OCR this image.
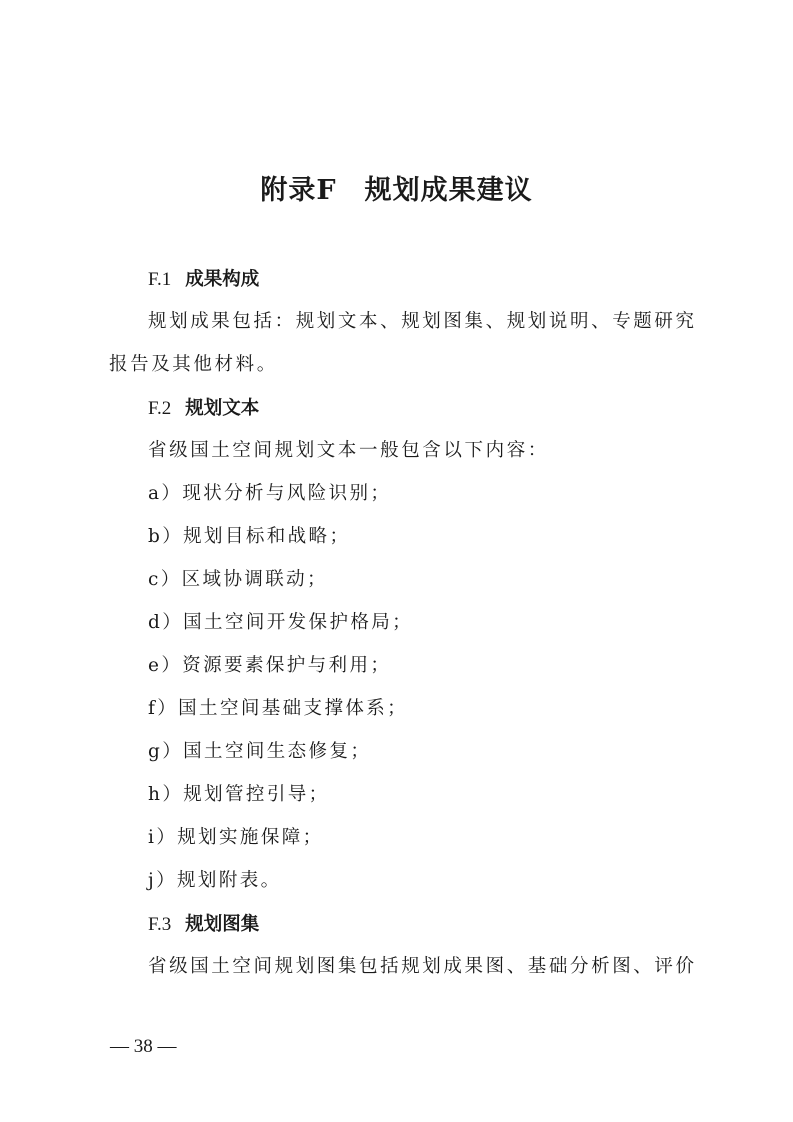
附录F　规划成果建议
F.1 成果构成
规划成果包括：规划文本、规划图集、规划说明、专题研究
报告及其他材料。
F.2 规划文本
省级国土空间规划文本一般包含以下内容：
a）现状分析与风险识别；
b）规划目标和战略；
c）区域协调联动；
d）国土空间开发保护格局；
e）资源要素保护与利用；
f）国土空间基础支撑体系；
g）国土空间生态修复；
h）规划管控引导；
i）规划实施保障；
j）规划附表。
F.3 规划图集
省级国土空间规划图集包括规划成果图、基础分析图、评价
— 38 —
